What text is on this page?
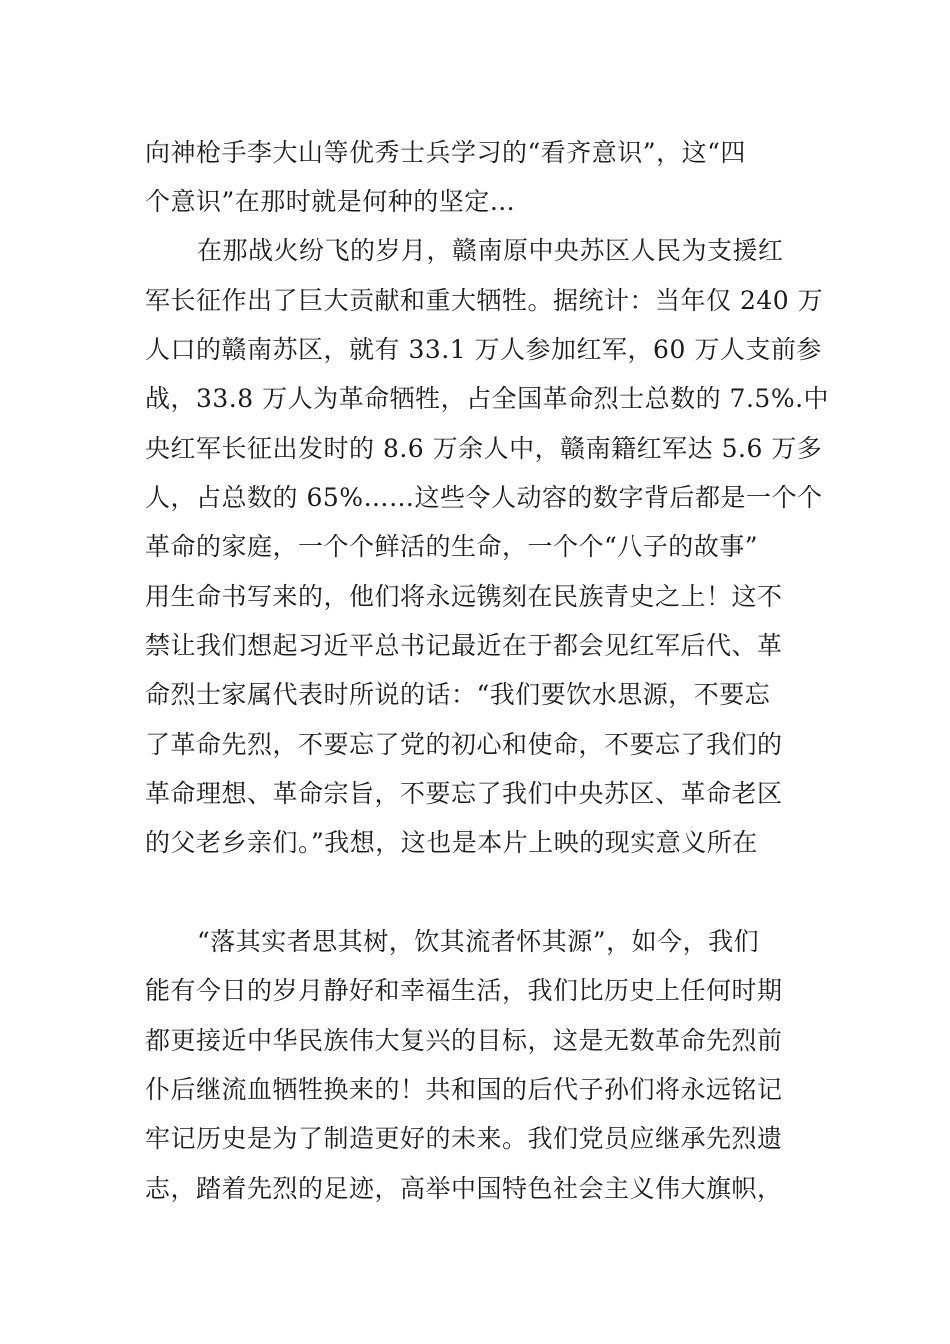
向神枪手李大山等优秀士兵学习的“看齐意识”，这“四
个意识”在那时就是何种的坚定…
在那战火纷飞的岁月，赣南原中央苏区人民为支援红
军长征作出了巨大贡献和重大牺牲。据统计：当年仅 240 万
人口的赣南苏区，就有 33.1 万人参加红军，60 万人支前参
战，33.8 万人为革命牺牲，占全国革命烈士总数的 7.5%.中
央红军长征出发时的 8.6 万余人中，赣南籍红军达 5.6 万多
人，占总数的 65%……这些令人动容的数字背后都是一个个
革命的家庭，一个个鲜活的生命，一个个“八子的故事”
用生命书写来的，他们将永远镌刻在民族青史之上！这不
禁让我们想起习近平总书记最近在于都会见红军后代、革
命烈士家属代表时所说的话：“我们要饮水思源，不要忘
了革命先烈，不要忘了党的初心和使命，不要忘了我们的
革命理想、革命宗旨，不要忘了我们中央苏区、革命老区
的父老乡亲们。”我想，这也是本片上映的现实意义所在
“落其实者思其树，饮其流者怀其源”，如今，我们
能有今日的岁月静好和幸福生活，我们比历史上任何时期
都更接近中华民族伟大复兴的目标，这是无数革命先烈前
仆后继流血牺牲换来的！共和国的后代子孙们将永远铭记
牢记历史是为了制造更好的未来。我们党员应继承先烈遗
志，踏着先烈的足迹，高举中国特色社会主义伟大旗帜，
